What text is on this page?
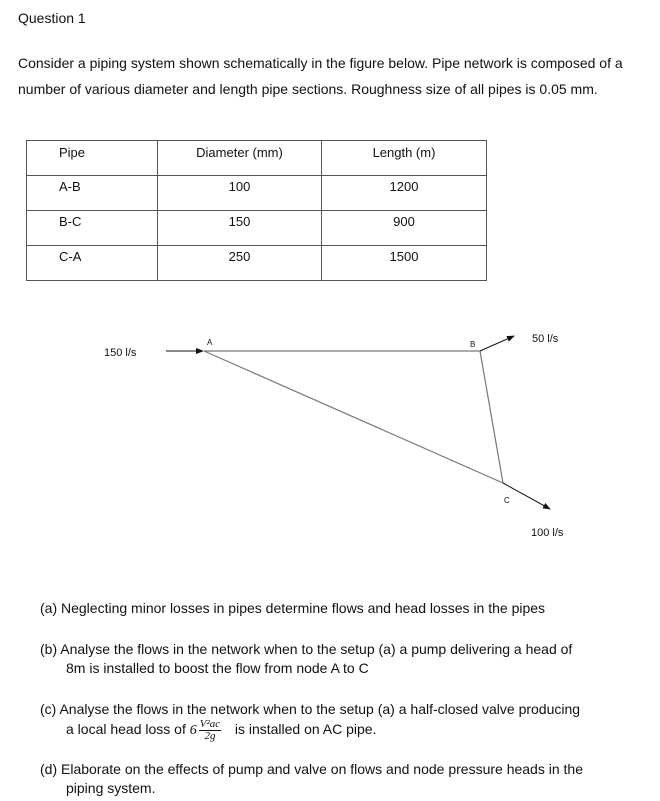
Question 1
Consider a piping system shown schematically in the figure below. Pipe network is composed of a number of various diameter and length pipe sections. Roughness size of all pipes is 0.05 mm.
Pipe	Diameter (mm)	Length (m)
A-B	100	1200
B-C	150	900
C-A	250	1500
A	B
C
150 l/s
50 l/s
100 l/s
(a) Neglecting minor losses in pipes determine flows and head losses in the pipes
(b) Analyse the flows in the network when to the setup (a) a pump delivering a head of
8m is installed to boost the flow from node A to C
(c) Analyse the flows in the network when to the setup (a) a half-closed valve producing
a local head loss of $6 \frac{\text{V²ac}}{2g}$ is installed on AC pipe.
(d) Elaborate on the effects of pump and valve on flows and node pressure heads in the
piping system.
